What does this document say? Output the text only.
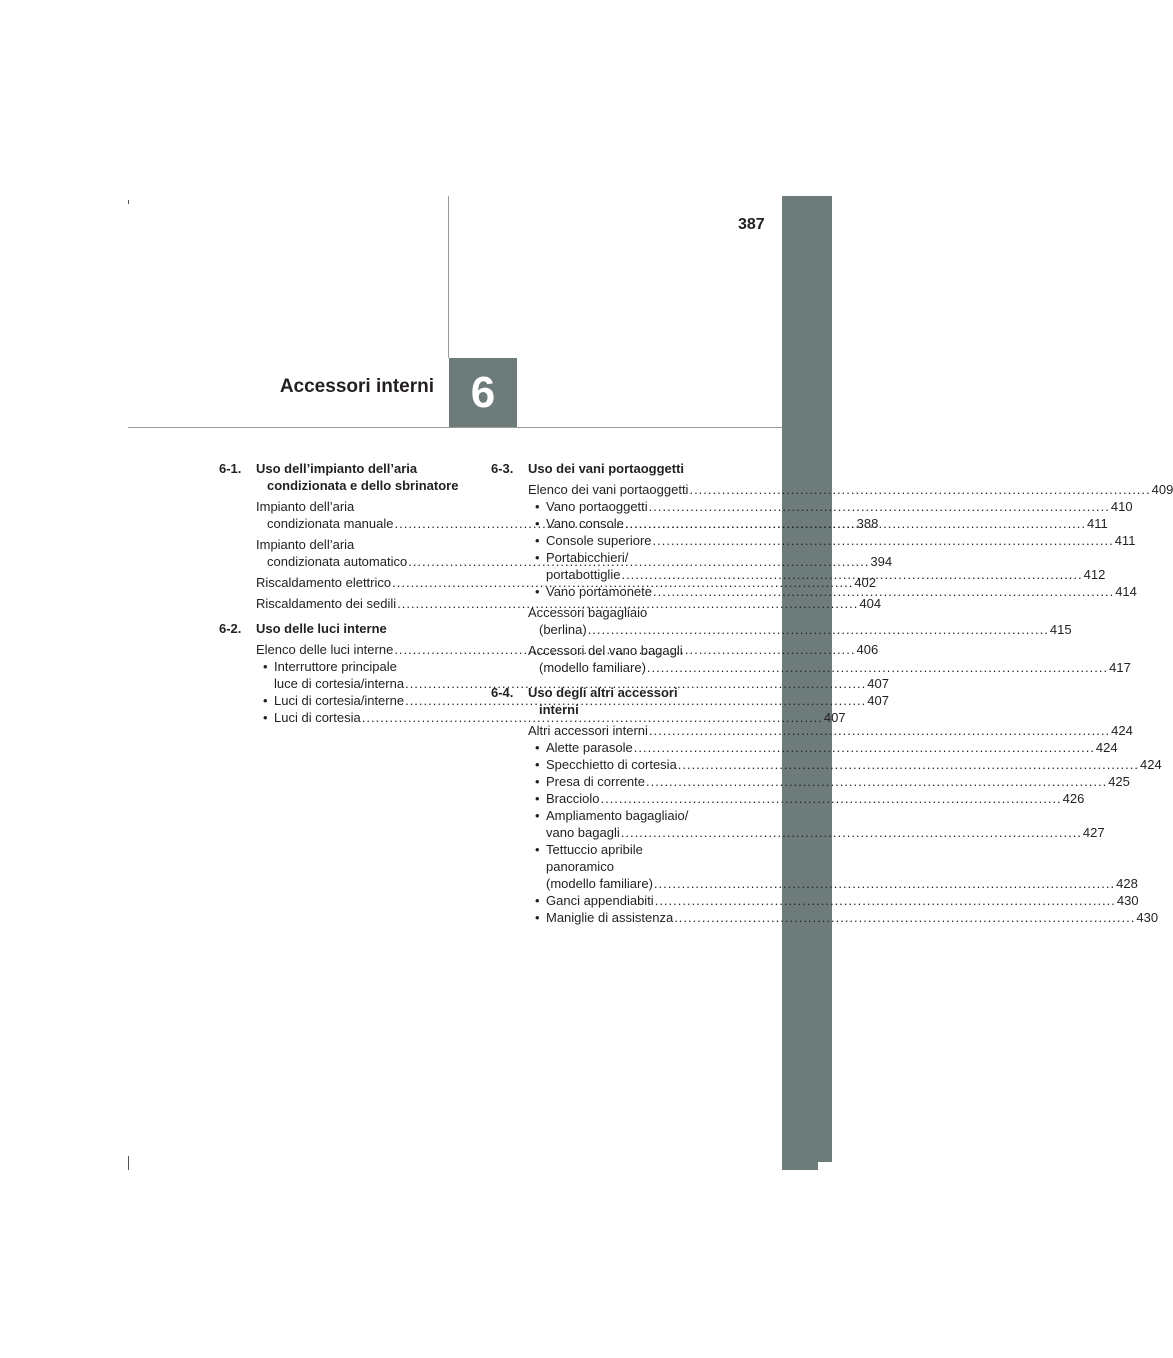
387
6
Accessori interni
6-1.	Uso dell’impianto dell’aria
condizionata e dello sbrinatore
Impianto dell’aria
condizionata manuale .....	388
Impianto dell’aria
condizionata automatico .....	394
Riscaldamento elettrico .....	402
Riscaldamento dei sedili .....	404
6-2.	Uso delle luci interne
Elenco delle luci interne .....	406
• Interruttore principale
luce di cortesia/interna .....	407
• Luci di cortesia/interne .....	407
• Luci di cortesia .....	407
6-3.	Uso dei vani portaoggetti
Elenco dei vani portaoggetti .....	409
• Vano portaoggetti .....	410
• Vano console .....	411
• Console superiore .....	411
• Portabicchieri/
portabottiglie .....	412
• Vano portamonete .....	414
Accessori bagagliaio
(berlina) .....	415
Accessori del vano bagagli
(modello familiare) .....	417
6-4.	Uso degli altri accessori
interni
Altri accessori interni .....	424
• Alette parasole .....	424
• Specchietto di cortesia .....	424
• Presa di corrente .....	425
• Bracciolo .....	426
• Ampliamento bagagliaio/
vano bagagli .....	427
• Tettuccio apribile
panoramico
(modello familiare) .....	428
• Ganci appendiabiti .....	430
• Maniglie di assistenza .....	430
